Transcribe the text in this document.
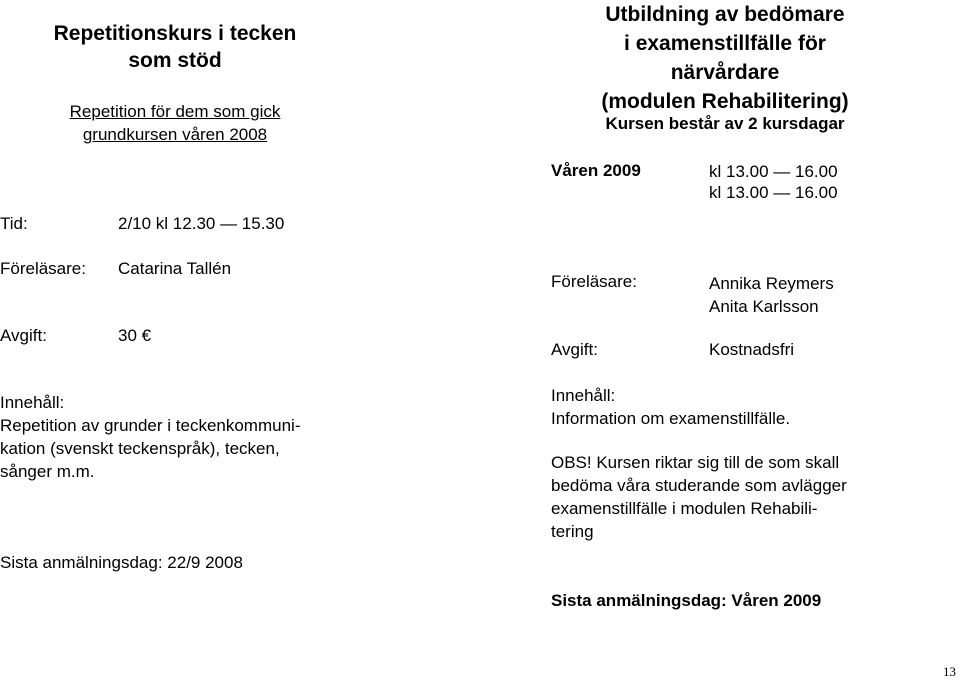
Repetitionskurs i tecken
som stöd
Repetition för dem som gick
grundkursen våren 2008
Tid:	2/10 kl 12.30 — 15.30
Föreläsare: Catarina Tallén
Avgift:	30 €
Innehåll:
Repetition av grunder i teckenkommuni-
kation (svenskt teckenspråk), tecken,
sånger m.m.
Sista anmälningsdag: 22/9 2008
Utbildning av bedömare
i examenstillfälle för
närvårdare
(modulen Rehabilitering)
Kursen består av 2 kursdagar
Våren 2009	kl 13.00 — 16.00
kl 13.00 — 16.00
Föreläsare:	Annika Reymers
Anita Karlsson
Avgift:	Kostnadsfri
Innehåll:
Information om examenstillfälle.
OBS! Kursen riktar sig till de som skall
bedöma våra studerande som avlägger
examenstillfälle i modulen Rehabili-
tering
Sista anmälningsdag: Våren 2009
13
